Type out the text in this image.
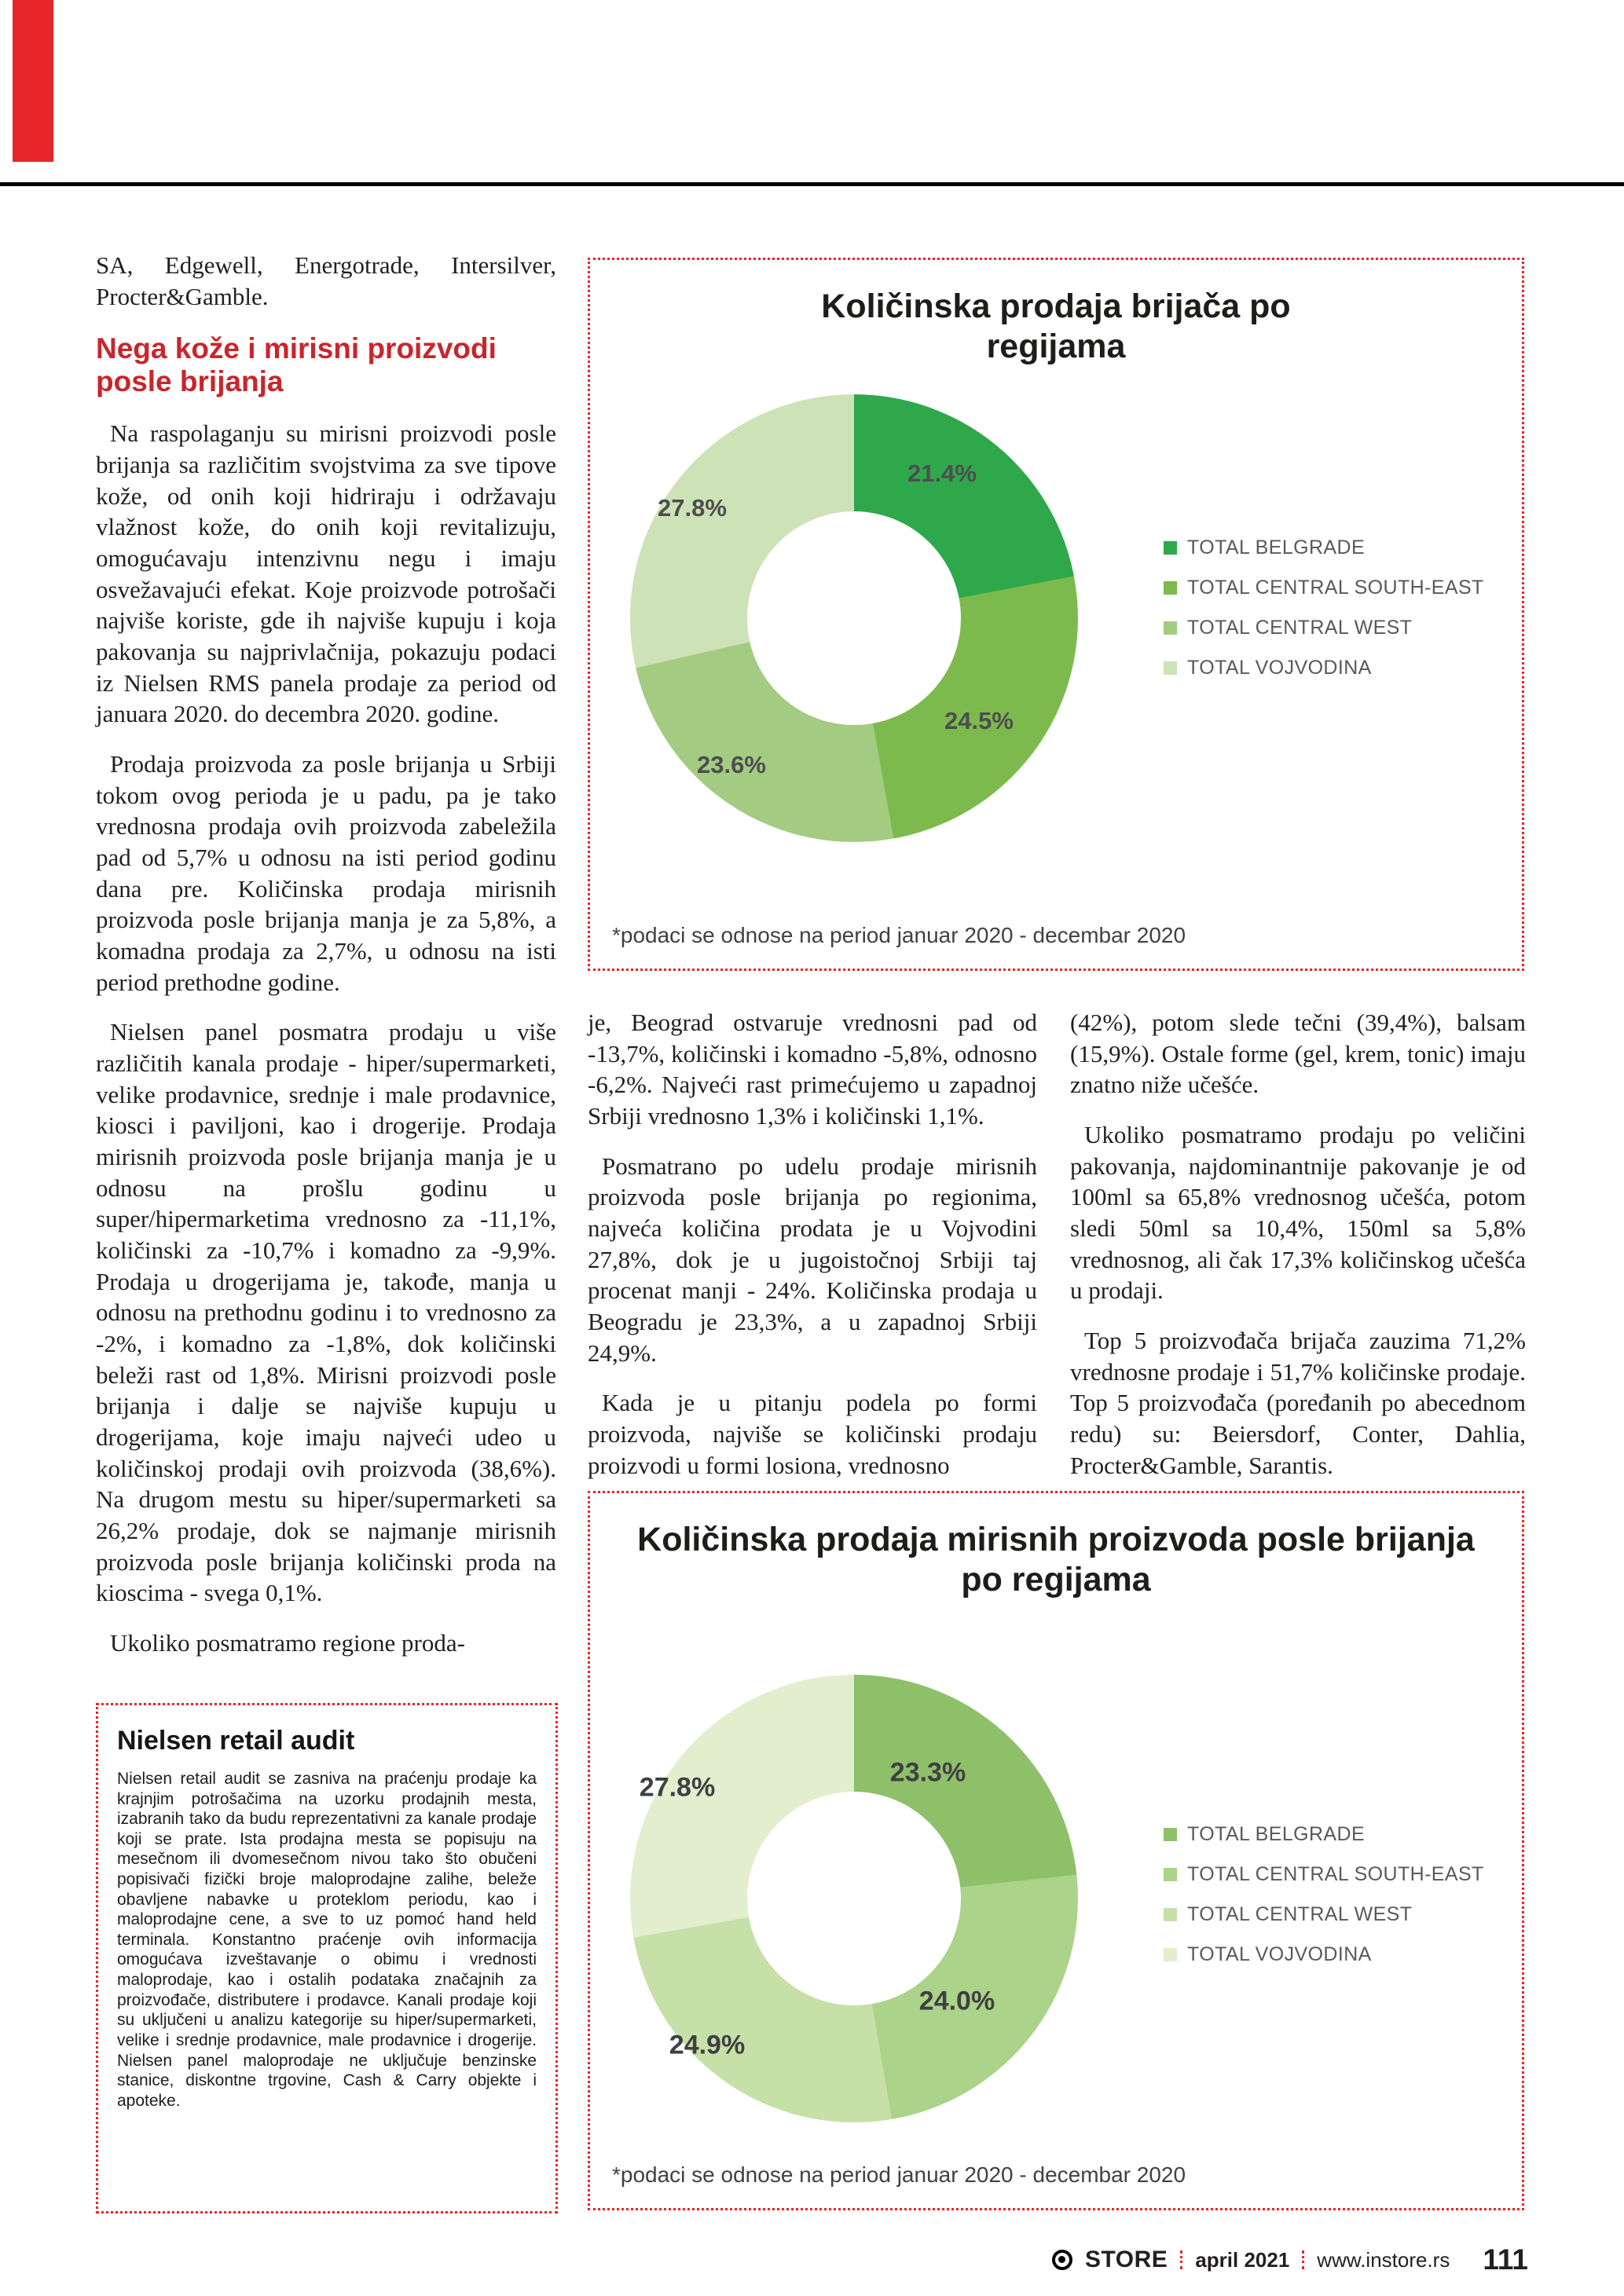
SA, Edgewell, Energotrade, Intersilver, Procter&Gamble.

Nega kože i mirisni proizvodi posle brijanja

Na raspolaganju su mirisni proizvodi posle brijanja sa različitim svojstvima za sve tipove kože, od onih koji hidriraju i održavaju vlažnost kože, do onih koji revitalizuju, omogućavaju intenzivnu negu i imaju osvežavajući efekat. Koje proizvode potrošači najviše koriste, gde ih najviše kupuju i koja pakovanja su najprivlačnija, pokazuju podaci iz Nielsen RMS panela prodaje za period od januara 2020. do decembra 2020. godine.

Prodaja proizvoda za posle brijanja u Srbiji tokom ovog perioda je u padu, pa je tako vrednosna prodaja ovih proizvoda zabeležila pad od 5,7% u odnosu na isti period godinu dana pre. Količinska prodaja mirisnih proizvoda posle brijanja manja je za 5,8%, a komadna prodaja za 2,7%, u odnosu na isti period prethodne godine.

Nielsen panel posmatra prodaju u više različitih kanala prodaje - hiper/supermarketi, velike prodavnice, srednje i male prodavnice, kiosci i paviljoni, kao i drogerije. Prodaja mirisnih proizvoda posle brijanja manja je u odnosu na prošlu godinu u super/hipermarketima vrednosno za -11,1%, količinski za -10,7% i komadno za -9,9%. Prodaja u drogerijama je, takođe, manja u odnosu na prethodnu godinu i to vrednosno za -2%, i komadno za -1,8%, dok količinski beleži rast od 1,8%. Mirisni proizvodi posle brijanja i dalje se najviše kupuju u drogerijama, koje imaju najveći udeo u količinskoj prodaji ovih proizvoda (38,6%). Na drugom mestu su hiper/supermarketi sa 26,2% prodaje, dok se najmanje mirisnih proizvoda posle brijanja količinski proda na kioscima - svega 0,1%.

Ukoliko posmatramo regione proda-

Količinska prodaja brijača po regijama
21.4%
24.5%
23.6%
27.8%
TOTAL BELGRADE
TOTAL CENTRAL SOUTH-EAST
TOTAL CENTRAL WEST
TOTAL VOJVODINA
*podaci se odnose na period januar 2020 - decembar 2020

je, Beograd ostvaruje vrednosni pad od -13,7%, količinski i komadno -5,8%, odnosno -6,2%. Najveći rast primećujemo u zapadnoj Srbiji vrednosno 1,3% i količinski 1,1%.

Posmatrano po udelu prodaje mirisnih proizvoda posle brijanja po regionima, najveća količina prodata je u Vojvodini 27,8%, dok je u jugoistočnoj Srbiji taj procenat manji - 24%. Količinska prodaja u Beogradu je 23,3%, a u zapadnoj Srbiji 24,9%.

Kada je u pitanju podela po formi proizvoda, najviše se količinski prodaju proizvodi u formi losiona, vrednosno

(42%), potom slede tečni (39,4%), balsam (15,9%). Ostale forme (gel, krem, tonic) imaju znatno niže učešće.

Ukoliko posmatramo prodaju po veličini pakovanja, najdominantnije pakovanje je od 100ml sa 65,8% vrednosnog učešća, potom sledi 50ml sa 10,4%, 150ml sa 5,8% vrednosnog, ali čak 17,3% količinskog učešća u prodaji.

Top 5 proizvođača brijača zauzima 71,2% vrednosne prodaje i 51,7% količinske prodaje. Top 5 proizvođača (poređanih po abecednom redu) su: Beiersdorf, Conter, Dahlia, Procter&Gamble, Sarantis.

Nielsen retail audit
Nielsen retail audit se zasniva na praćenju prodaje ka krajnjim potrošačima na uzorku prodajnih mesta, izabranih tako da budu reprezentativni za kanale prodaje koji se prate. Ista prodajna mesta se popisuju na mesečnom ili dvomesečnom nivou tako što obučeni popisivači fizički broje maloprodajne zalihe, beleže obavljene nabavke u proteklom periodu, kao i maloprodajne cene, a sve to uz pomoć hand held terminala. Konstantno praćenje ovih informacija omogućava izveštavanje o obimu i vrednosti maloprodaje, kao i ostalih podataka značajnih za proizvođače, distributere i prodavce. Kanali prodaje koji su uključeni u analizu kategorije su hiper/supermarketi, velike i srednje prodavnice, male prodavnice i drogerije. Nielsen panel maloprodaje ne uključuje benzinske stanice, diskontne trgovine, Cash & Carry objekte i apoteke.
Količinska prodaja mirisnih proizvoda posle brijanja po regijama
23.3%
24.0%
24.9%
27.8%
TOTAL BELGRADE
TOTAL CENTRAL SOUTH-EAST
TOTAL CENTRAL WEST
TOTAL VOJVODINA
*podaci se odnose na period januar 2020 - decembar 2020
STORE april 2021 www.instore.rs 111
